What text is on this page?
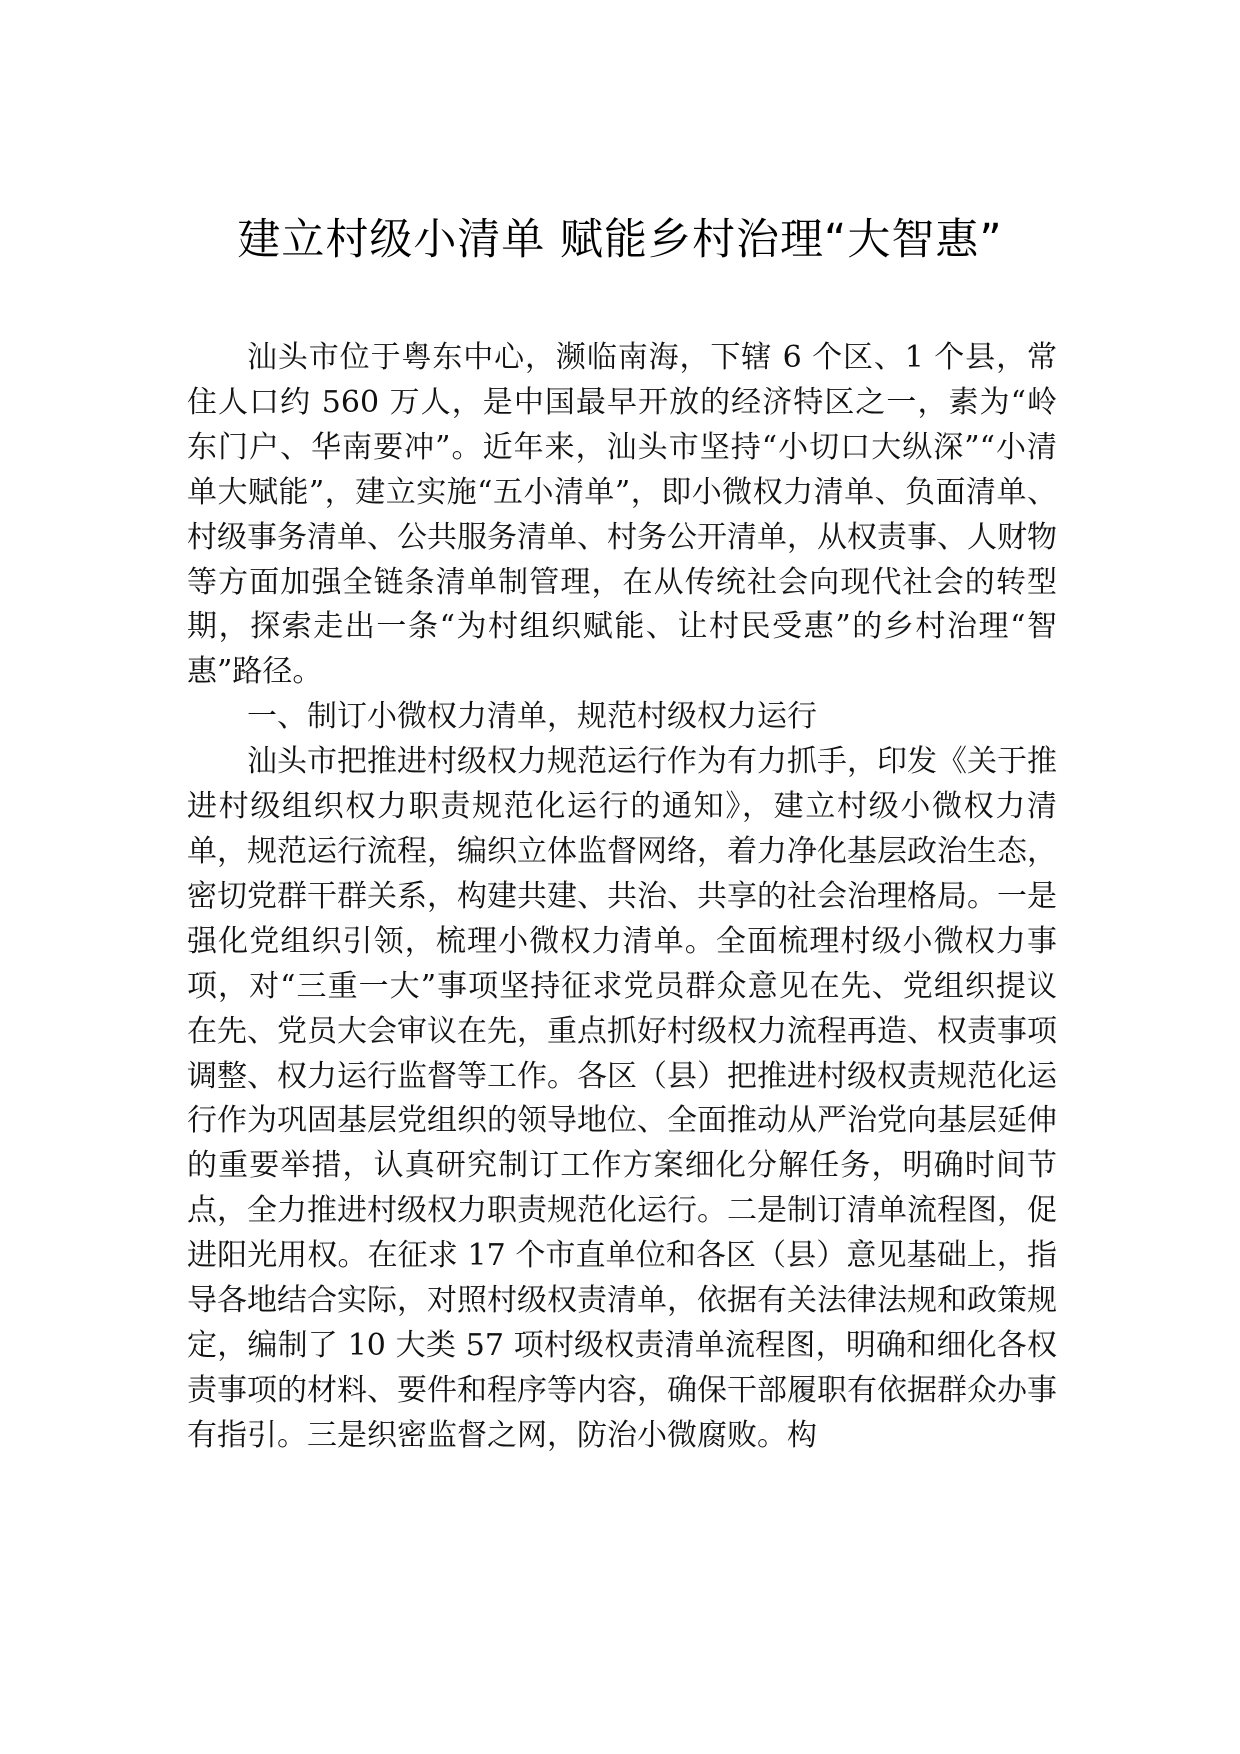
建立村级小清单 赋能乡村治理“大智惠”

汕头市位于粤东中心，濒临南海，下辖 6 个区、1 个县，常住人口约 560 万人，是中国最早开放的经济特区之一，素为“岭东门户、华南要冲”。近年来，汕头市坚持“小切口大纵深”“小清单大赋能”，建立实施“五小清单”，即小微权力清单、负面清单、村级事务清单、公共服务清单、村务公开清单，从权责事、人财物等方面加强全链条清单制管理，在从传统社会向现代社会的转型期，探索走出一条“为村组织赋能、让村民受惠”的乡村治理“智惠”路径。

一、制订小微权力清单，规范村级权力运行

汕头市把推进村级权力规范运行作为有力抓手，印发《关于推进村级组织权力职责规范化运行的通知》，建立村级小微权力清单，规范运行流程，编织立体监督网络，着力净化基层政治生态，密切党群干群关系，构建共建、共治、共享的社会治理格局。一是强化党组织引领，梳理小微权力清单。全面梳理村级小微权力事项，对“三重一大”事项坚持征求党员群众意见在先、党组织提议在先、党员大会审议在先，重点抓好村级权力流程再造、权责事项调整、权力运行监督等工作。各区（县）把推进村级权责规范化运行作为巩固基层党组织的领导地位、全面推动从严治党向基层延伸的重要举措，认真研究制订工作方案细化分解任务，明确时间节点，全力推进村级权力职责规范化运行。二是制订清单流程图，促进阳光用权。在征求 17 个市直单位和各区（县）意见基础上，指导各地结合实际，对照村级权责清单，依据有关法律法规和政策规定，编制了 10 大类 57 项村级权责清单流程图，明确和细化各权责事项的材料、要件和程序等内容，确保干部履职有依据群众办事有指引。三是织密监督之网，防治小微腐败。构
